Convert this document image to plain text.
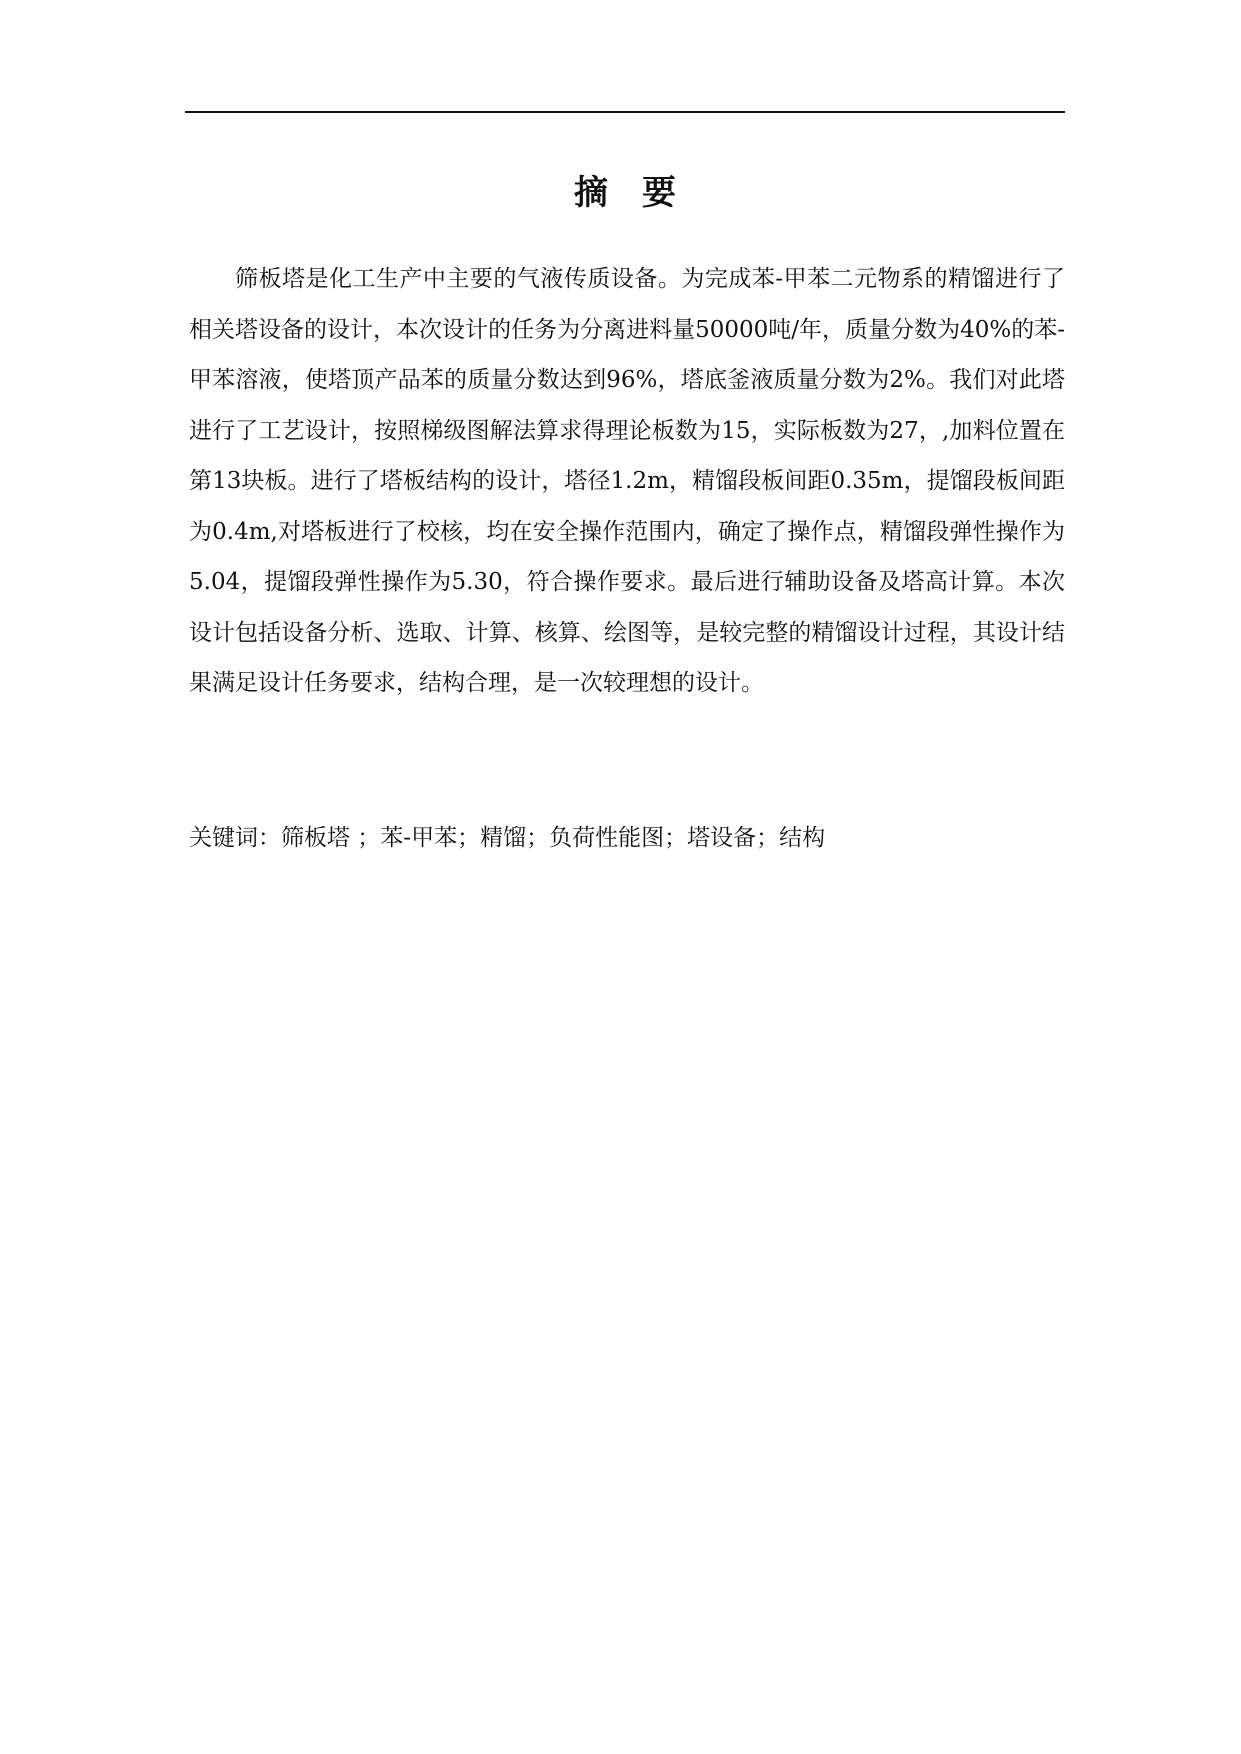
摘要

筛板塔是化工生产中主要的气液传质设备。为完成苯-甲苯二元物系的精馏进行了相关塔设备的设计，本次设计的任务为分离进料量50000吨/年，质量分数为40%的苯-甲苯溶液，使塔顶产品苯的质量分数达到96%，塔底釜液质量分数为2%。我们对此塔进行了工艺设计，按照梯级图解法算求得理论板数为15，实际板数为27，,加料位置在第13块板。进行了塔板结构的设计，塔径1.2m，精馏段板间距0.35m，提馏段板间距为0.4m,对塔板进行了校核，均在安全操作范围内，确定了操作点，精馏段弹性操作为5.04，提馏段弹性操作为5.30，符合操作要求。最后进行辅助设备及塔高计算。本次设计包括设备分析、选取、计算、核算、绘图等，是较完整的精馏设计过程，其设计结果满足设计任务要求，结构合理，是一次较理想的设计。

关键词：筛板塔 ；苯-甲苯；精馏；负荷性能图；塔设备；结构
